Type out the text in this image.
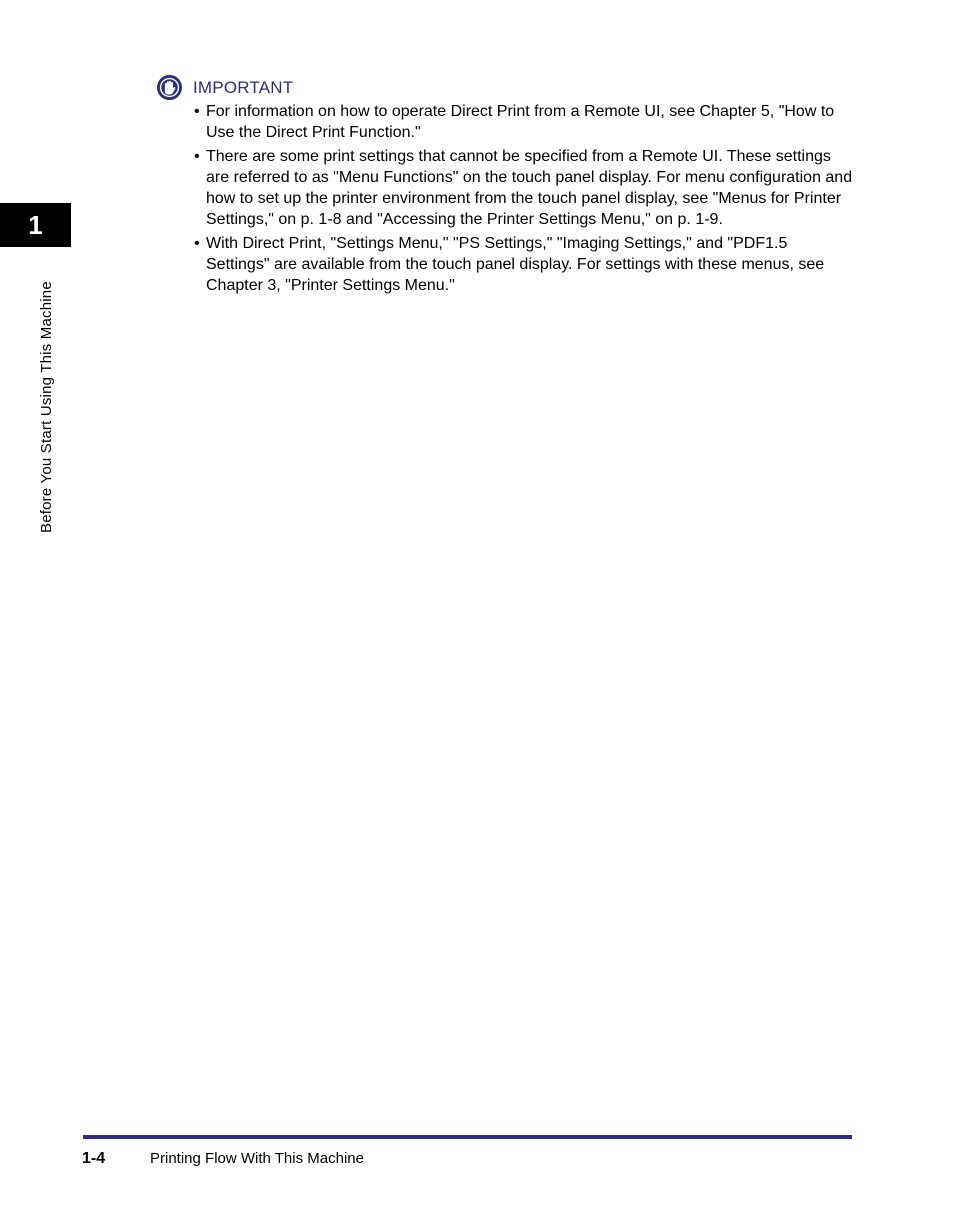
1
Before You Start Using This Machine
IMPORTANT
• For information on how to operate Direct Print from a Remote UI, see Chapter 5, "How to Use the Direct Print Function."
• There are some print settings that cannot be specified from a Remote UI. These settings are referred to as "Menu Functions" on the touch panel display. For menu configuration and how to set up the printer environment from the touch panel display, see "Menus for Printer Settings," on p. 1-8 and "Accessing the Printer Settings Menu," on p. 1-9.
• With Direct Print, "Settings Menu," "PS Settings," "Imaging Settings," and "PDF1.5 Settings" are available from the touch panel display. For settings with these menus, see Chapter 3, "Printer Settings Menu."
1-4	Printing Flow With This Machine
